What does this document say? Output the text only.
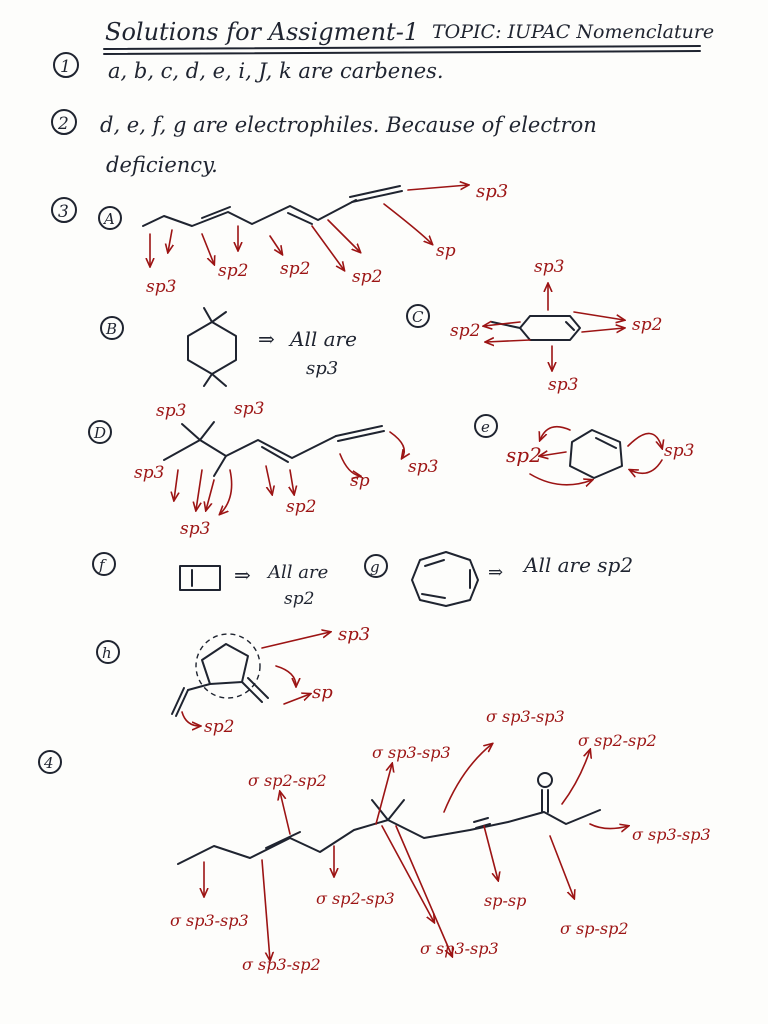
Solutions for Assigment-1 TOPIC: IUPAC Nomenclature
1 a, b, c, d, e, i, J, k are carbenes.
2 d, e, f, g are electrophiles. Because of electron
deficiency.
3 A
sp3
sp3
sp2 sp2 sp2
sp
B	⇒ All are
sp3
C
sp3
sp2	sp2
sp3
D
sp3	sp3
sp3
sp3
sp2
sp
sp3
e
sp2	sp3
f	⇒ All are
sp2
g	⇒ All are sp2
h
sp3
sp
sp2
4
σ sp3-sp3
σ sp3-sp2
σ sp2-sp2
σ sp2-sp3
σ sp3-sp3
σ sp3-sp3
σ sp3-sp3
sp-sp
σ sp-sp2
σ sp2-sp2
σ sp3-sp3
